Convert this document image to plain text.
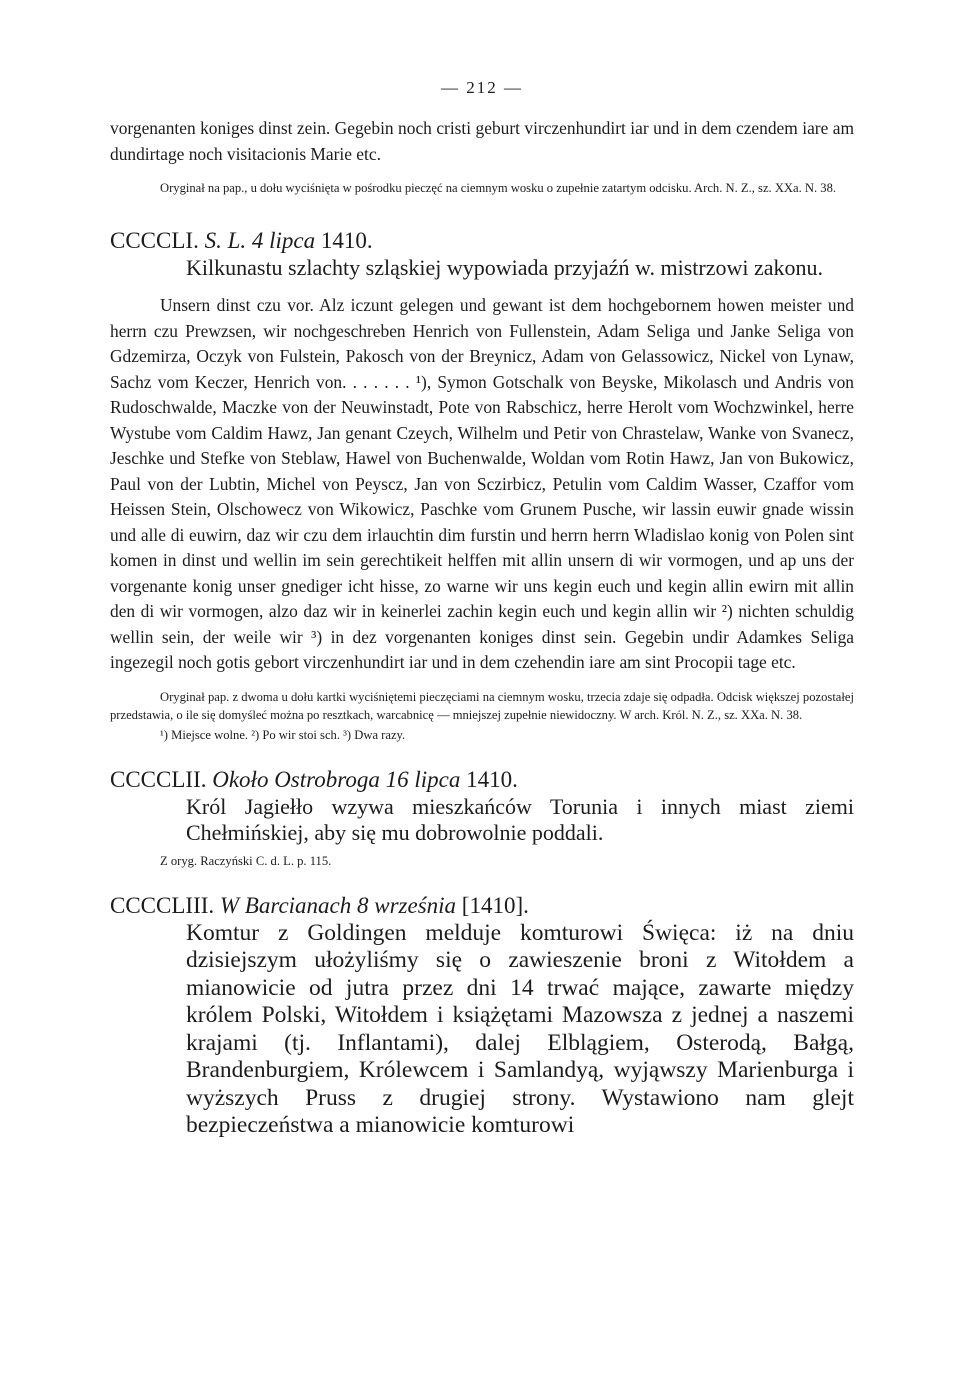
— 212 —

vorgenanten koniges dinst zein. Gegebin noch cristi geburt virczenhundirt iar und in dem czendem iare am dundirtage noch visitacionis Marie etc.

Oryginał na pap., u dołu wyciśnięta w pośrodku pieczęć na ciemnym wosku o zupełnie zatartym odcisku. Arch. N. Z., sz. XXa. N. 38.

CCCCLI. S. L. 4 lipca 1410.

Kilkunastu szlachty szląskiej wypowiada przyjaźń w. mistrzowi zakonu.

Unsern dinst czu vor. Alz iczunt gelegen und gewant ist dem hochgebornem howen meister und herrn czu Prewzsen, wir nochgeschreben Henrich von Fullenstein, Adam Seliga und Janke Seliga von Gdzemirza, Oczyk von Fulstein, Pakosch von der Breynicz, Adam von Gelassowicz, Nickel von Lynaw, Sachz vom Keczer, Henrich von. . . . . . . ¹), Symon Gotschalk von Beyske, Mikolasch und Andris von Rudoschwalde, Maczke von der Neuwinstadt, Pote von Rabschicz, herre Herolt vom Wochzwinkel, herre Wystube vom Caldim Hawz, Jan genant Czeych, Wilhelm und Petir von Chrastelaw, Wanke von Svanecz, Jeschke und Stefke von Steblaw, Hawel von Buchenwalde, Woldan vom Rotin Hawz, Jan von Bukowicz, Paul von der Lubtin, Michel von Peyscz, Jan von Sczirbicz, Petulin vom Caldim Wasser, Czaffor vom Heissen Stein, Olschowecz von Wikowicz, Paschke vom Grunem Pusche, wir lassin euwir gnade wissin und alle di euwirn, daz wir czu dem irlauchtin dim furstin und herrn herrn Wladislao konig von Polen sint komen in dinst und wellin im sein gerechtikeit helffen mit allin unsern di wir vormogen, und ap uns der vorgenante konig unser gnediger icht hisse, zo warne wir uns kegin euch und kegin allin ewirn mit allin den di wir vormogen, alzo daz wir in keinerlei zachin kegin euch und kegin allin wir ²) nichten schuldig wellin sein, der weile wir ³) in dez vorgenanten koniges dinst sein. Gegebin undir Adamkes Seliga ingezegil noch gotis gebort virczenhundirt iar und in dem czehendin iare am sint Procopii tage etc.

Oryginał pap. z dwoma u dołu kartki wyciśniętemi pieczęciami na ciemnym wosku, trzecia zdaje się odpadła. Odcisk większej pozostałej przedstawia, o ile się domyśleć można po resztkach, warcabnicę — mniejszej zupełnie niewidoczny. W arch. Król. N. Z., sz. XXa. N. 38.

¹) Miejsce wolne. ²) Po wir stoi sch. ³) Dwa razy.

CCCCLII. Około Ostrobroga 16 lipca 1410.

Król Jagiełło wzywa mieszkańców Torunia i innych miast ziemi Chełmińskiej, aby się mu dobrowolnie poddali.

Z oryg. Raczyński C. d. L. p. 115.

CCCCLIII. W Barcianach 8 września [1410].

Komtur z Goldingen melduje komturowi Święca: iż na dniu dzisiejszym ułożyliśmy się o zawieszenie broni z Witołdem a mianowicie od jutra przez dni 14 trwać mające, zawarte między królem Polski, Witołdem i książętami Mazowsza z jednej a naszemi krajami (tj. Inflantami), dalej Elblągiem, Osterodą, Bałgą, Brandenburgiem, Królewcem i Samlandyą, wyjąwszy Marienburga i wyższych Pruss z drugiej strony. Wystawiono nam glejt bezpieczeństwa a mianowicie komturowi
